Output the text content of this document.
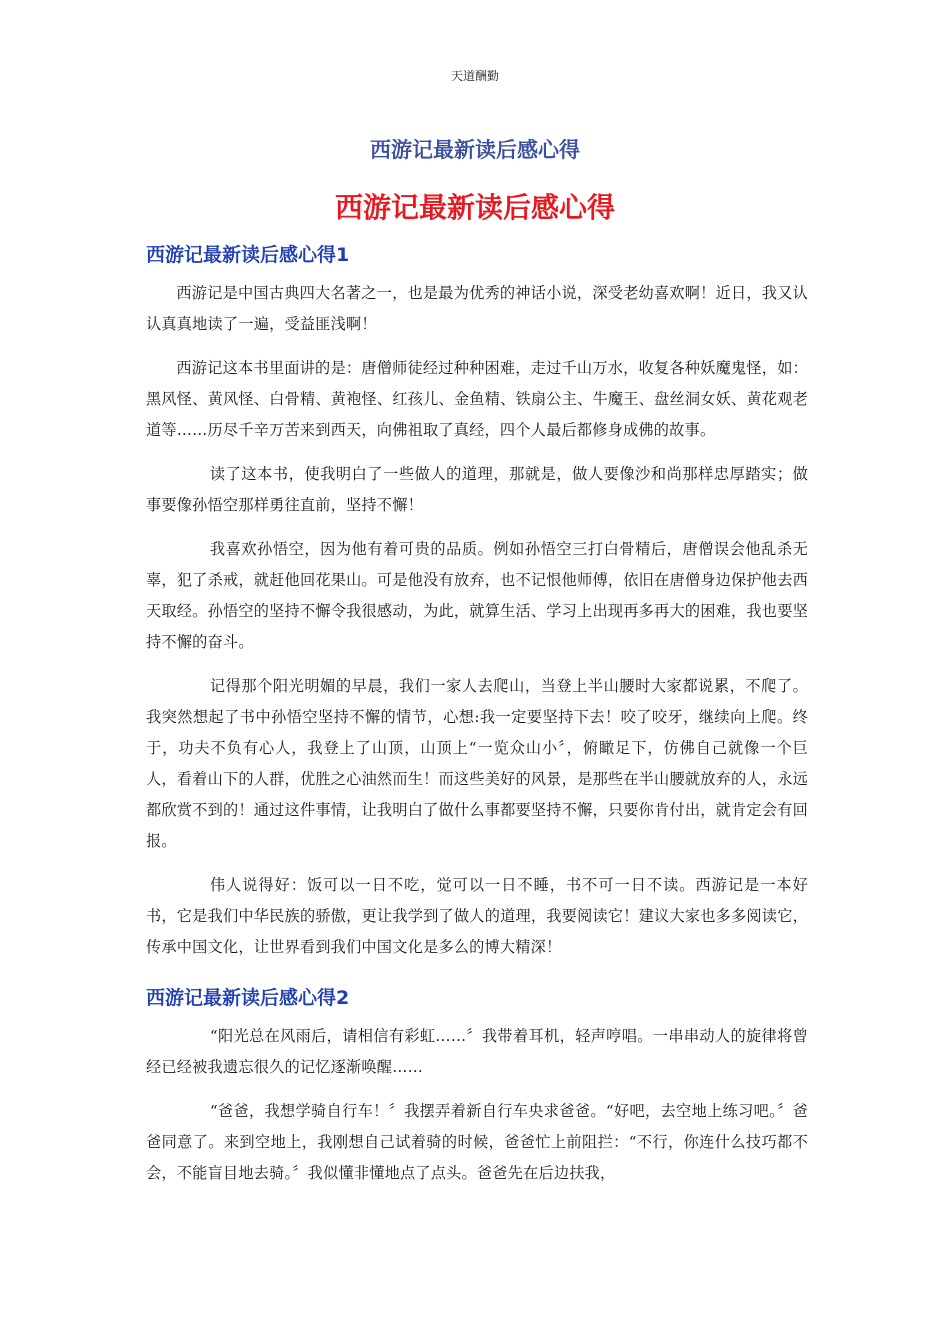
天道酬勤
西游记最新读后感心得
西游记最新读后感心得
西游记最新读后感心得1

西游记是中国古典四大名著之一，也是最为优秀的神话小说，深受老幼喜欢啊！近日，我又认认真真地读了一遍，受益匪浅啊！

西游记这本书里面讲的是：唐僧师徒经过种种困难，走过千山万水，收复各种妖魔鬼怪，如：黑风怪、黄风怪、白骨精、黄袍怪、红孩儿、金鱼精、铁扇公主、牛魔王、盘丝洞女妖、黄花观老道等……历尽千辛万苦来到西天，向佛祖取了真经，四个人最后都修身成佛的故事。

读了这本书，使我明白了一些做人的道理，那就是，做人要像沙和尚那样忠厚踏实；做事要像孙悟空那样勇往直前，坚持不懈！

我喜欢孙悟空，因为他有着可贵的品质。例如孙悟空三打白骨精后，唐僧误会他乱杀无辜，犯了杀戒，就赶他回花果山。可是他没有放弃，也不记恨他师傅，依旧在唐僧身边保护他去西天取经。孙悟空的坚持不懈令我很感动，为此，就算生活、学习上出现再多再大的困难，我也要坚持不懈的奋斗。

记得那个阳光明媚的早晨，我们一家人去爬山，当登上半山腰时大家都说累，不爬了。我突然想起了书中孙悟空坚持不懈的情节，心想:我一定要坚持下去！咬了咬牙，继续向上爬。终于，功夫不负有心人，我登上了山顶，山顶上“一览众山小〞，俯瞰足下，仿佛自己就像一个巨人，看着山下的人群，优胜之心油然而生！而这些美好的风景，是那些在半山腰就放弃的人，永远都欣赏不到的！通过这件事情，让我明白了做什么事都要坚持不懈，只要你肯付出，就肯定会有回报。

伟人说得好：饭可以一日不吃，觉可以一日不睡，书不可一日不读。西游记是一本好书，它是我们中华民族的骄傲，更让我学到了做人的道理，我要阅读它！建议大家也多多阅读它，传承中国文化，让世界看到我们中国文化是多么的博大精深！

西游记最新读后感心得2

“阳光总在风雨后，请相信有彩虹……〞我带着耳机，轻声哼唱。一串串动人的旋律将曾经已经被我遗忘很久的记忆逐渐唤醒……

“爸爸，我想学骑自行车！〞我摆弄着新自行车央求爸爸。“好吧，去空地上练习吧。〞爸爸同意了。来到空地上，我刚想自己试着骑的时候，爸爸忙上前阻拦：“不行，你连什么技巧都不会，不能盲目地去骑。〞我似懂非懂地点了点头。爸爸先在后边扶我，
